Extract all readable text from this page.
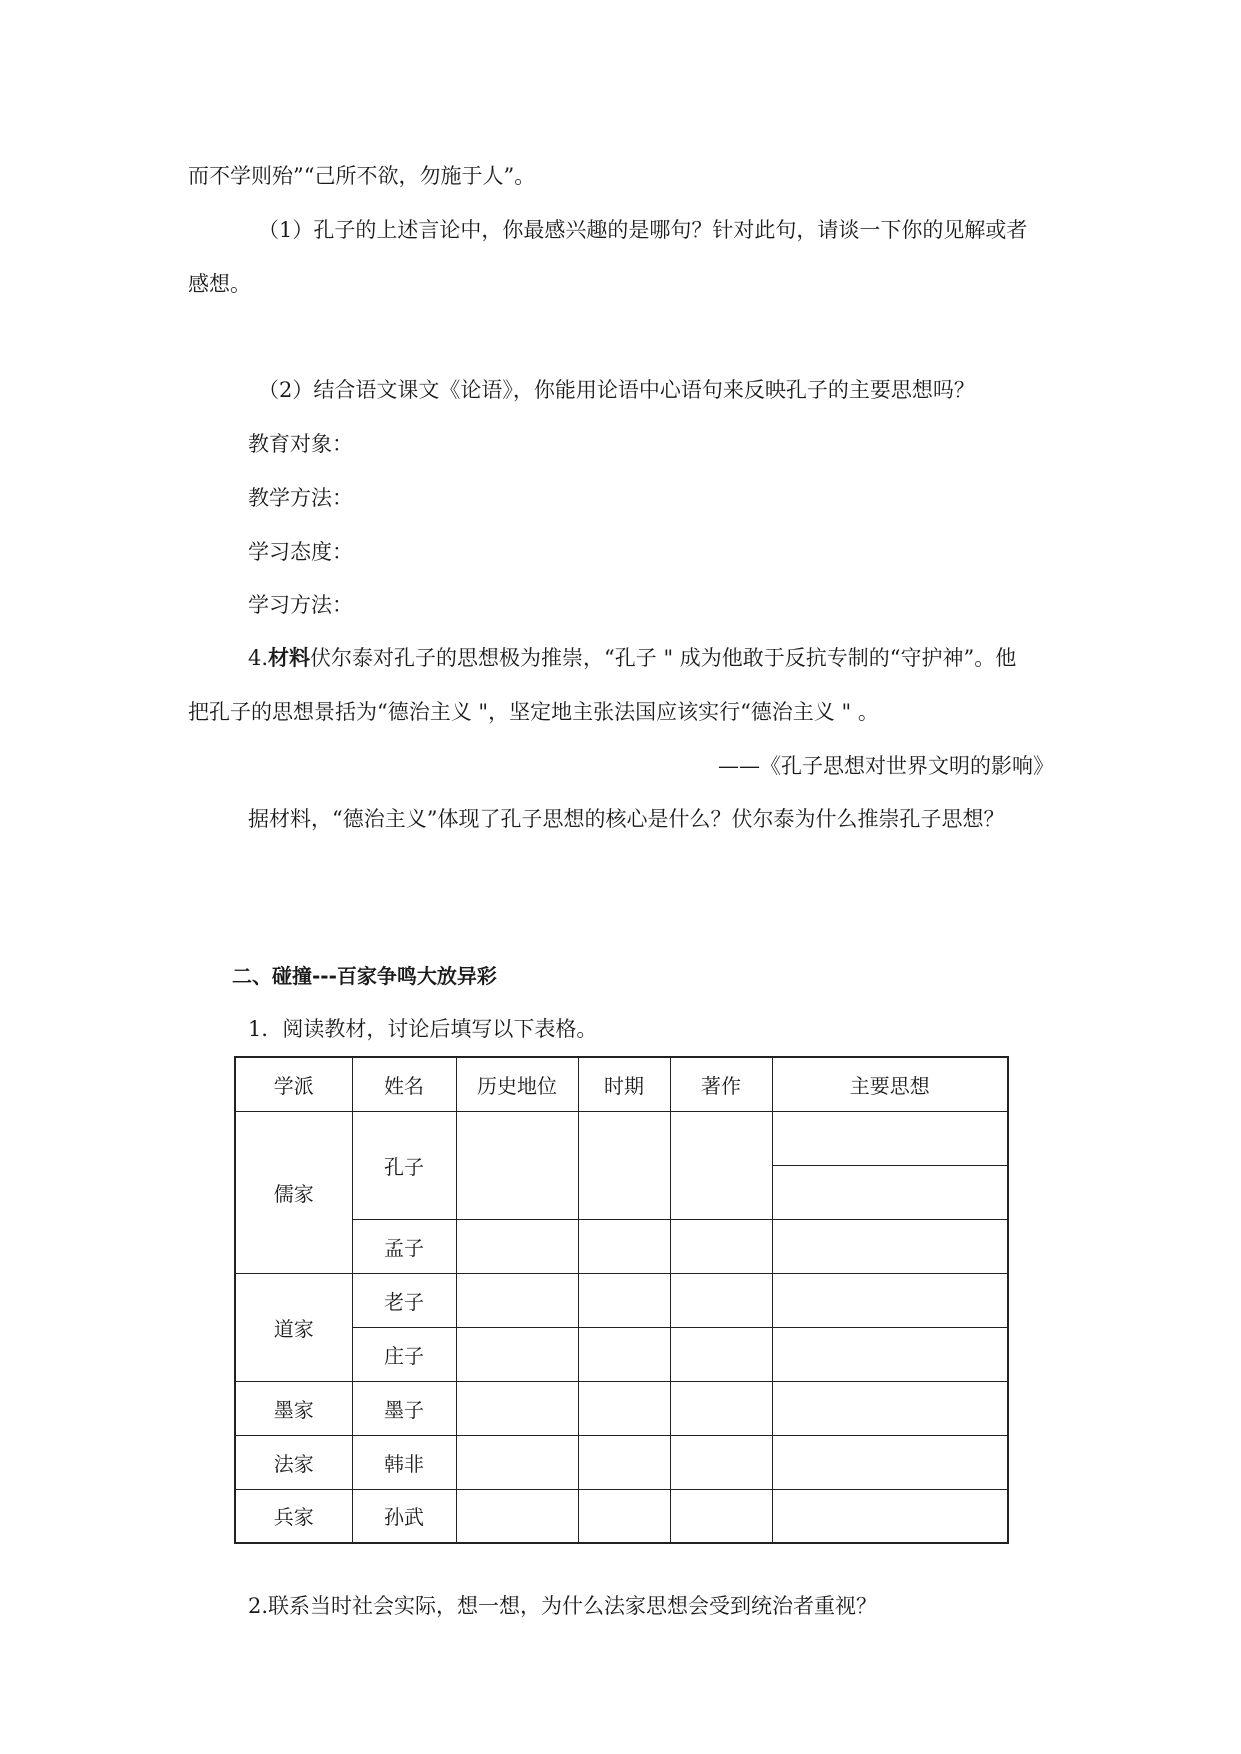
而不学则殆”“己所不欲，勿施于人”。
（1）孔子的上述言论中，你最感兴趣的是哪句？针对此句，请谈一下你的见解或者
感想。
（2）结合语文课文《论语》，你能用论语中心语句来反映孔子的主要思想吗？
教育对象：
教学方法：
学习态度：
学习方法：
4.材料伏尔泰对孔子的思想极为推崇，“孔子 " 成为他敢于反抗专制的“守护神”。他
把孔子的思想景括为“德治主义 "，坚定地主张法国应该实行“德治主义 " 。
——《孔子思想对世界文明的影响》
据材料，“德治主义”体现了孔子思想的核心是什么？伏尔泰为什么推崇孔子思想？
二、碰撞---百家争鸣大放异彩
1．阅读教材，讨论后填写以下表格。
学派	姓名	历史地位	时期	著作	主要思想
儒家	孔子				

	孟子				
道家	老子				
	庄子				
墨家	墨子				
法家	韩非				
兵家	孙武				
2.联系当时社会实际，想一想，为什么法家思想会受到统治者重视？
